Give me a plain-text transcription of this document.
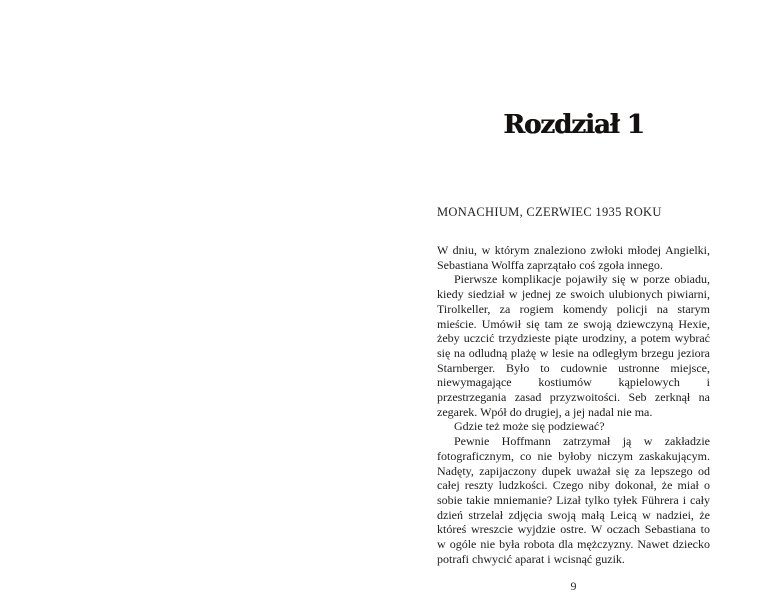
Rozdział 1
MONACHIUM, CZERWIEC 1935 ROKU

W dniu, w którym znaleziono zwłoki młodej Angielki, Sebastiana Wolffa zaprzątało coś zgoła innego.

Pierwsze komplikacje pojawiły się w porze obiadu, kiedy siedział w jednej ze swoich ulubionych piwiarni, Tirolkeller, za rogiem komendy policji na starym mieście. Umówił się tam ze swoją dziewczyną Hexie, żeby uczcić trzydzieste piąte urodziny, a potem wybrać się na odludną plażę w lesie na odległym brzegu jeziora Starnberger. Było to cudownie ustronne miejsce, niewymagające kostiumów kąpielowych i przestrzegania zasad przyzwoitości. Seb zerknął na zegarek. Wpół do drugiej, a jej nadal nie ma.

Gdzie też może się podziewać?

Pewnie Hoffmann zatrzymał ją w zakładzie fotograficznym, co nie byłoby niczym zaskakującym. Nadęty, zapijaczony dupek uważał się za lepszego od całej reszty ludzkości. Czego niby dokonał, że miał o sobie takie mniemanie? Lizał tylko tyłek Führera i cały dzień strzelał zdjęcia swoją małą Leicą w nadziei, że któreś wreszcie wyjdzie ostre. W oczach Sebastiana to w ogóle nie była robota dla mężczyzny. Nawet dziecko potrafi chwycić aparat i wcisnąć guzik.

9
